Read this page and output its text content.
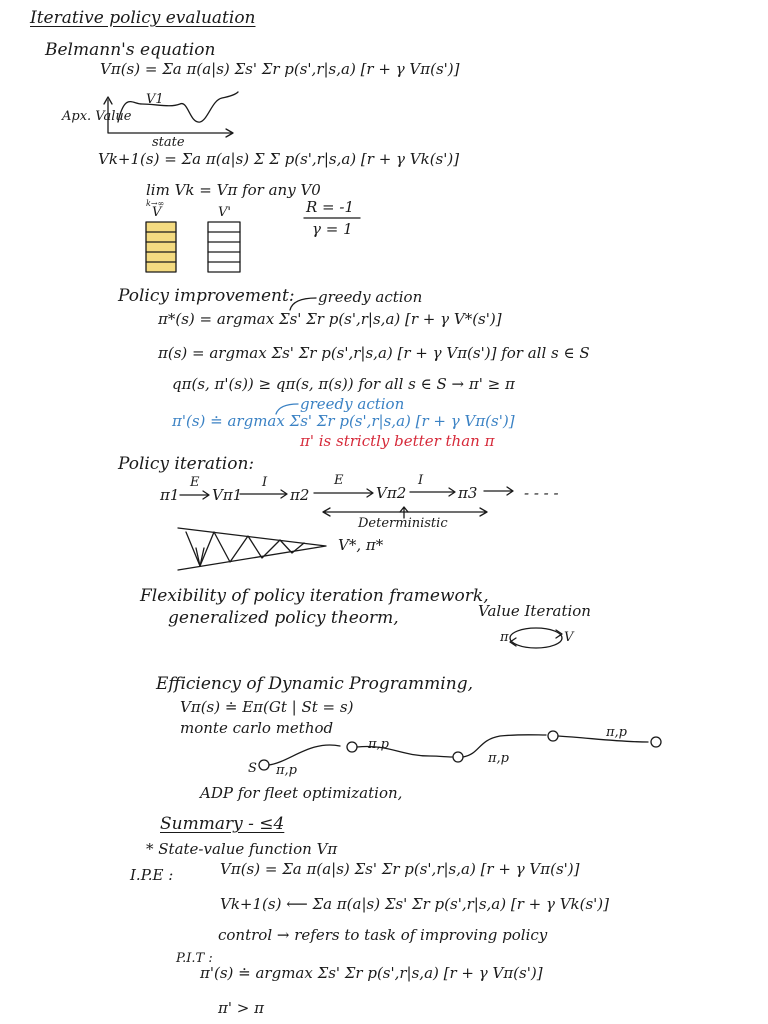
Iterative policy evaluation
Belmann's equation
Vπ(s) = Σa π(a|s) Σs' Σr p(s',r|s,a) [r + γ Vπ(s')]
Apx. Value
state
V1
Vk+1(s) = Σa π(a|s) Σ Σ p(s',r|s,a) [r + γ Vk(s')]
lim Vk = Vπ for any V0
k→∞
V	V'	R = -1
γ = 1
Policy improvement: greedy action
π*(s) = argmax Σs' Σr p(s',r|s,a) [r + γ V*(s')]
π(s) = argmax Σs' Σr p(s',r|s,a) [r + γ Vπ(s')] for all s ∈ S
qπ(s, π'(s)) ≥ qπ(s, π(s)) for all s ∈ S → π' ≥ π
greedy action
π'(s) ≐ argmax Σs' Σr p(s',r|s,a) [r + γ Vπ(s')]
π' is strictly better than π
Policy iteration:
π1 Vπ1	π2	Vπ2	π3	- - - -
E	I	E	I
Deterministic
V*, π*
Flexibility of policy iteration framework,
generalized policy theorm,	Value Iteration
π	V
Efficiency of Dynamic Programming,
Vπ(s) ≐ Eπ(Gt | St = s)
monte carlo method
S π,p
π,p
π,p
π,p
ADP for fleet optimization,
Summary - ≤4
* State-value function Vπ
I.P.E :	Vπ(s) = Σa π(a|s) Σs' Σr p(s',r|s,a) [r + γ Vπ(s')]
Vk+1(s) ⟵ Σa π(a|s) Σs' Σr p(s',r|s,a) [r + γ Vk(s')]
control → refers to task of improving policy
P.I.T :
π'(s) ≐ argmax Σs' Σr p(s',r|s,a) [r + γ Vπ(s')]
π' > π
